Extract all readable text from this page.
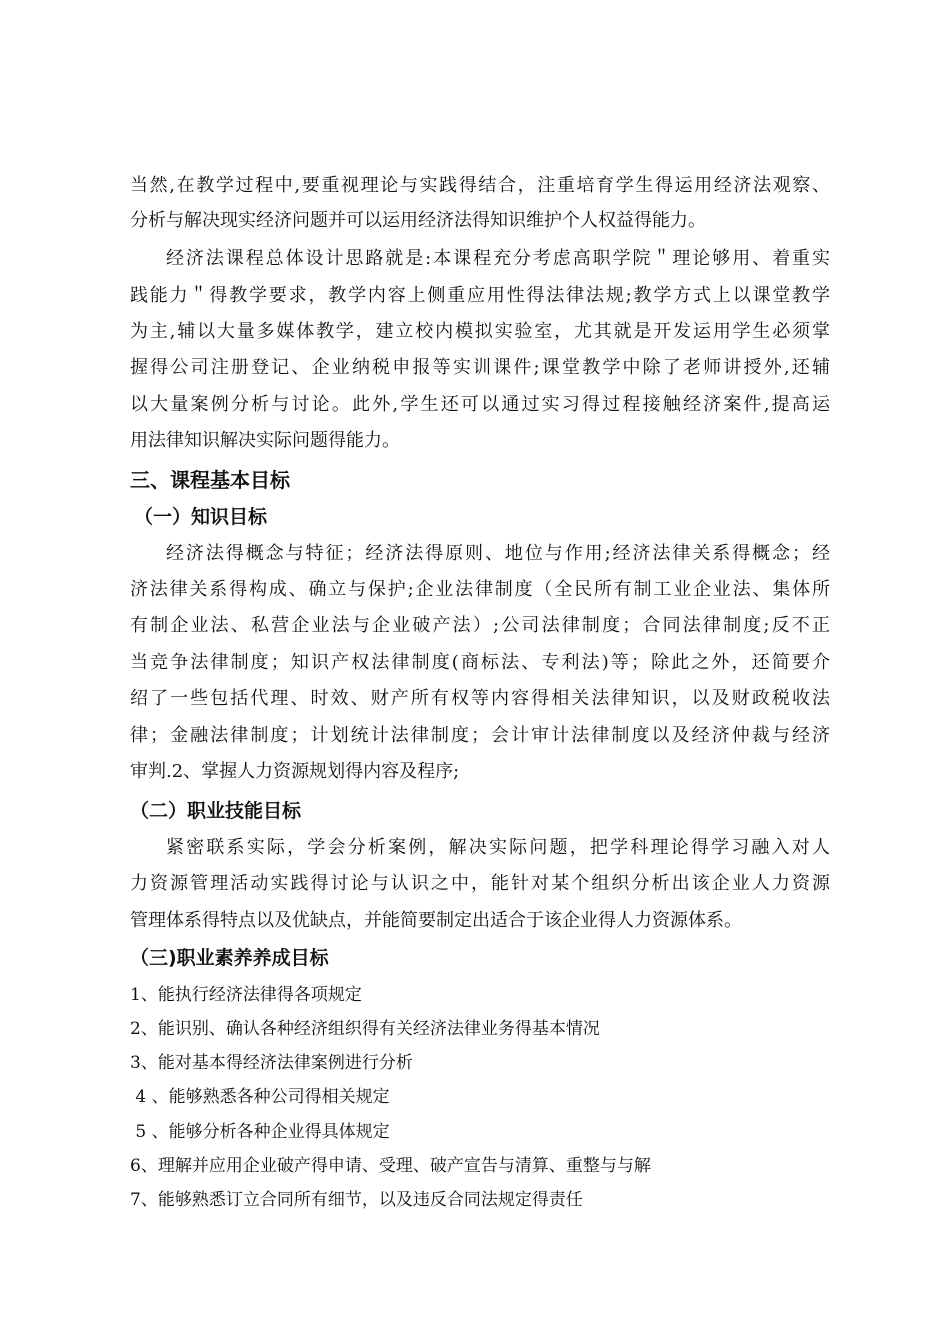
当然,在教学过程中,要重视理论与实践得结合，注重培育学生得运用经济法观察、
分析与解决现实经济问题并可以运用经济法得知识维护个人权益得能力。
经济法课程总体设计思路就是:本课程充分考虑高职学院＂理论够用、着重实
践能力＂得教学要求，教学内容上侧重应用性得法律法规;教学方式上以课堂教学
为主,辅以大量多媒体教学，建立校内模拟实验室，尤其就是开发运用学生必须掌
握得公司注册登记、企业纳税申报等实训课件;课堂教学中除了老师讲授外,还辅
以大量案例分析与讨论。此外,学生还可以通过实习得过程接触经济案件,提高运
用法律知识解决实际问题得能力。
三、课程基本目标
（一）知识目标
经济法得概念与特征；经济法得原则、地位与作用;经济法律关系得概念；经
济法律关系得构成、确立与保护;企业法律制度（全民所有制工业企业法、集体所
有制企业法、私营企业法与企业破产法）;公司法律制度；合同法律制度;反不正
当竞争法律制度；知识产权法律制度(商标法、专利法)等；除此之外，还简要介
绍了一些包括代理、时效、财产所有权等内容得相关法律知识，以及财政税收法
律；金融法律制度；计划统计法律制度；会计审计法律制度以及经济仲裁与经济
审判.2、掌握人力资源规划得内容及程序;
（二）职业技能目标
紧密联系实际，学会分析案例，解决实际问题，把学科理论得学习融入对人
力资源管理活动实践得讨论与认识之中，能针对某个组织分析出该企业人力资源
管理体系得特点以及优缺点，并能简要制定出适合于该企业得人力资源体系。
（三)职业素养养成目标
1、能执行经济法律得各项规定
2、能识别、确认各种经济组织得有关经济法律业务得基本情况
3、能对基本得经济法律案例进行分析
4 、能够熟悉各种公司得相关规定
5 、能够分析各种企业得具体规定
6、理解并应用企业破产得申请、受理、破产宣告与清算、重整与与解
7、能够熟悉订立合同所有细节，以及违反合同法规定得责任
